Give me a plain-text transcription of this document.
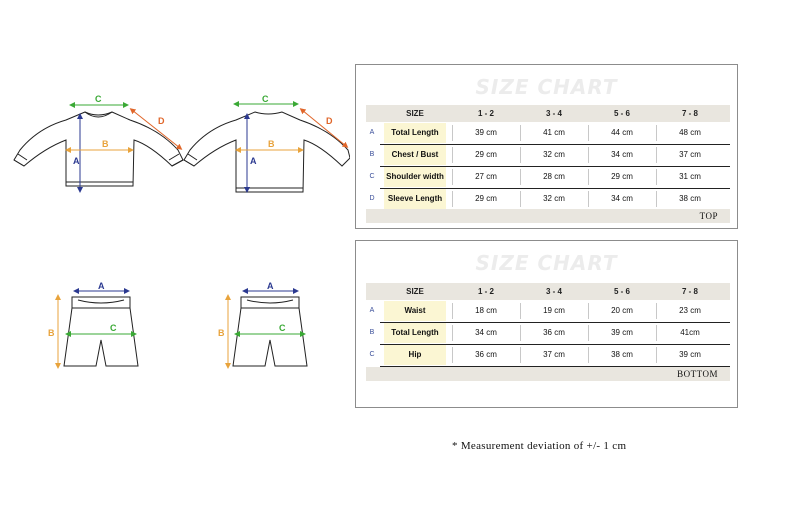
C
A
B
D
C
A
B
D
A
B	C
A
B	C
SIZE CHART
SIZE	1 - 2	3 - 4	5 - 6	7 - 8
A	Total Length	39 cm	41 cm	44 cm	48 cm
B	Chest / Bust	29 cm	32 cm	34 cm	37 cm
C	Shoulder width	27 cm	28 cm	29 cm	31 cm
D	Sleeve Length	29 cm	32 cm	34 cm	38 cm
TOP
SIZE CHART
SIZE	1 - 2	3 - 4	5 - 6	7 - 8
A	Waist	18 cm	19 cm	20 cm	23 cm
B	Total Length	34 cm	36 cm	39 cm	41cm
C	Hip	36 cm	37 cm	38 cm	39 cm
BOTTOM
* Measurement deviation of +/- 1 cm
